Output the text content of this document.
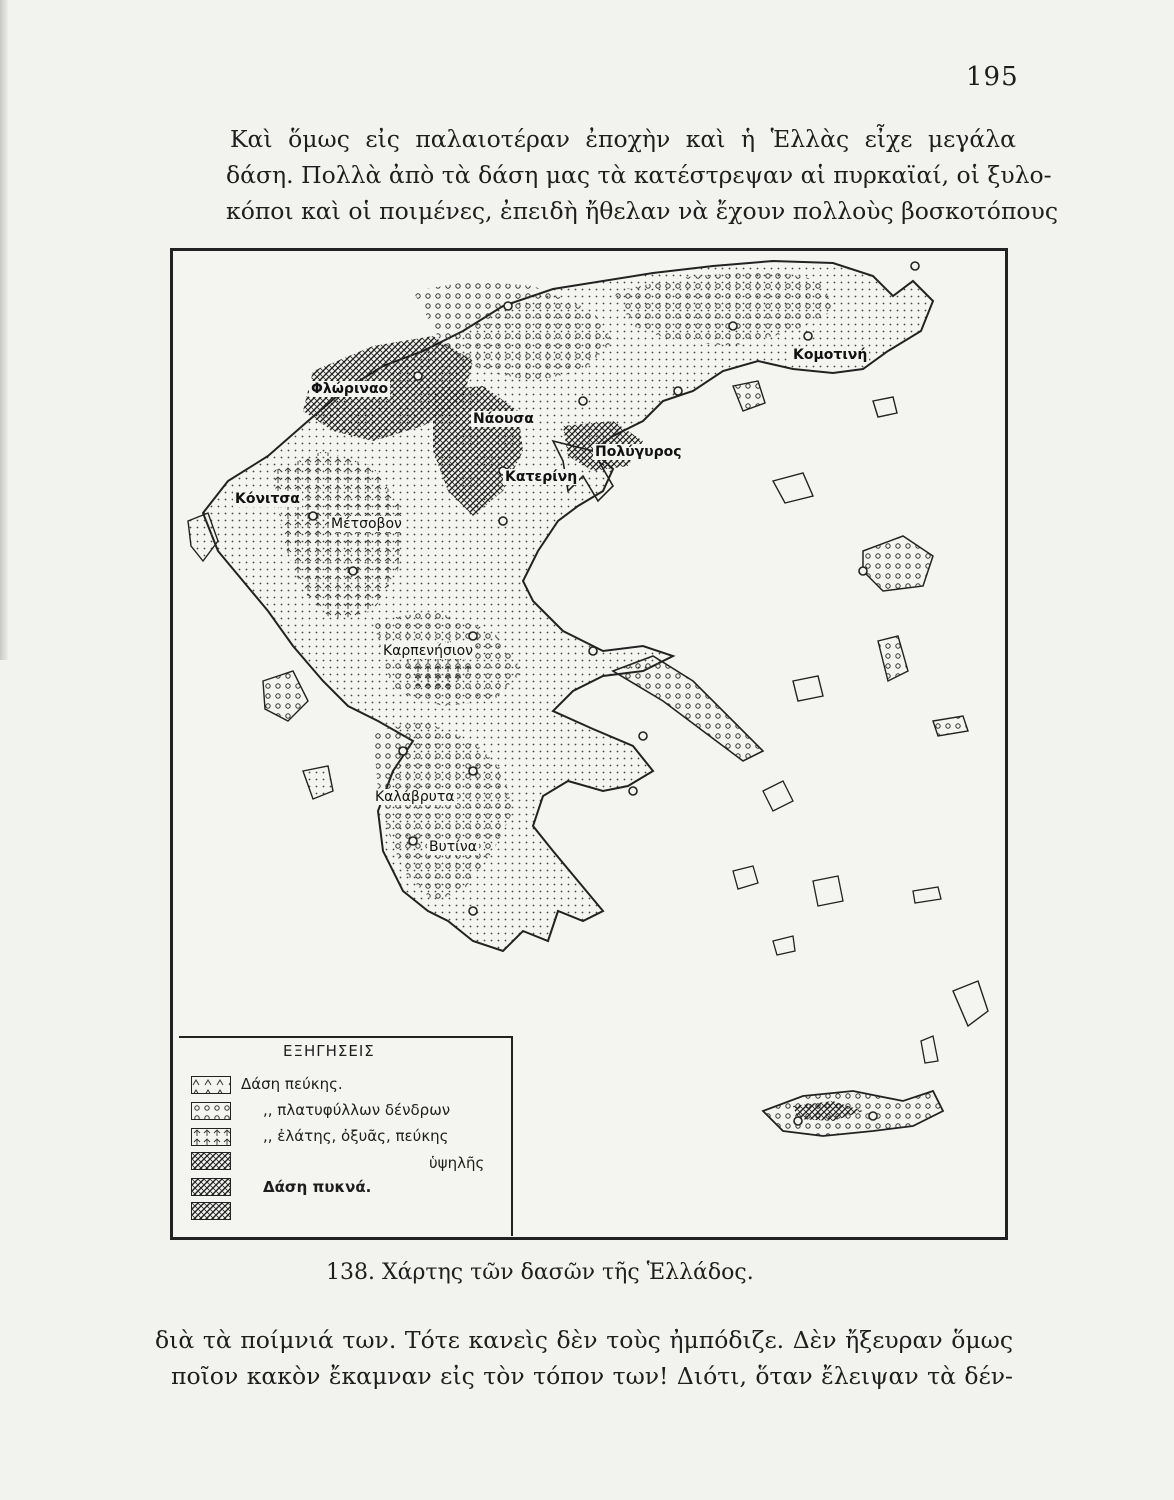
195
Καὶ ὅμως εἰς παλαιοτέραν ἐποχὴν καὶ ἡ Ἑλλὰς εἶχε μεγάλα
δάση. Πολλὰ ἀπὸ τὰ δάση μας τὰ κατέστρεψαν αἱ πυρκαϊαί, οἱ ξυλο-
κόποι καὶ οἱ ποιμένες, ἐπειδὴ ἤθελαν νὰ ἔχουν πολλοὺς βοσκοτόπους
Κομοτινή
Φλώριναο
Νάουσα
Πολύγυρος
Κατερίνη
Κόνιτσα
Μέτσοβον
Καρπενήσιον
Καλάβρυτα
Βυτίνα
ΕΞΗΓΗΣΕΙΣ
Δάση πεύκης.
,, πλατυφύλλων δένδρων
,, ἐλάτης, ὀξυᾶς, πεύκης
ὑψηλῆς
Δάση πυκνά.
138. Χάρτης τῶν δασῶν τῆς Ἑλλάδος.
διὰ τὰ ποίμνιά των. Τότε κανεὶς δὲν τοὺς ἠμπόδιζε. Δὲν ἤξευραν ὅμως
ποῖον κακὸν ἔκαμναν εἰς τὸν τόπον των! Διότι, ὅταν ἔλειψαν τὰ δέν-
